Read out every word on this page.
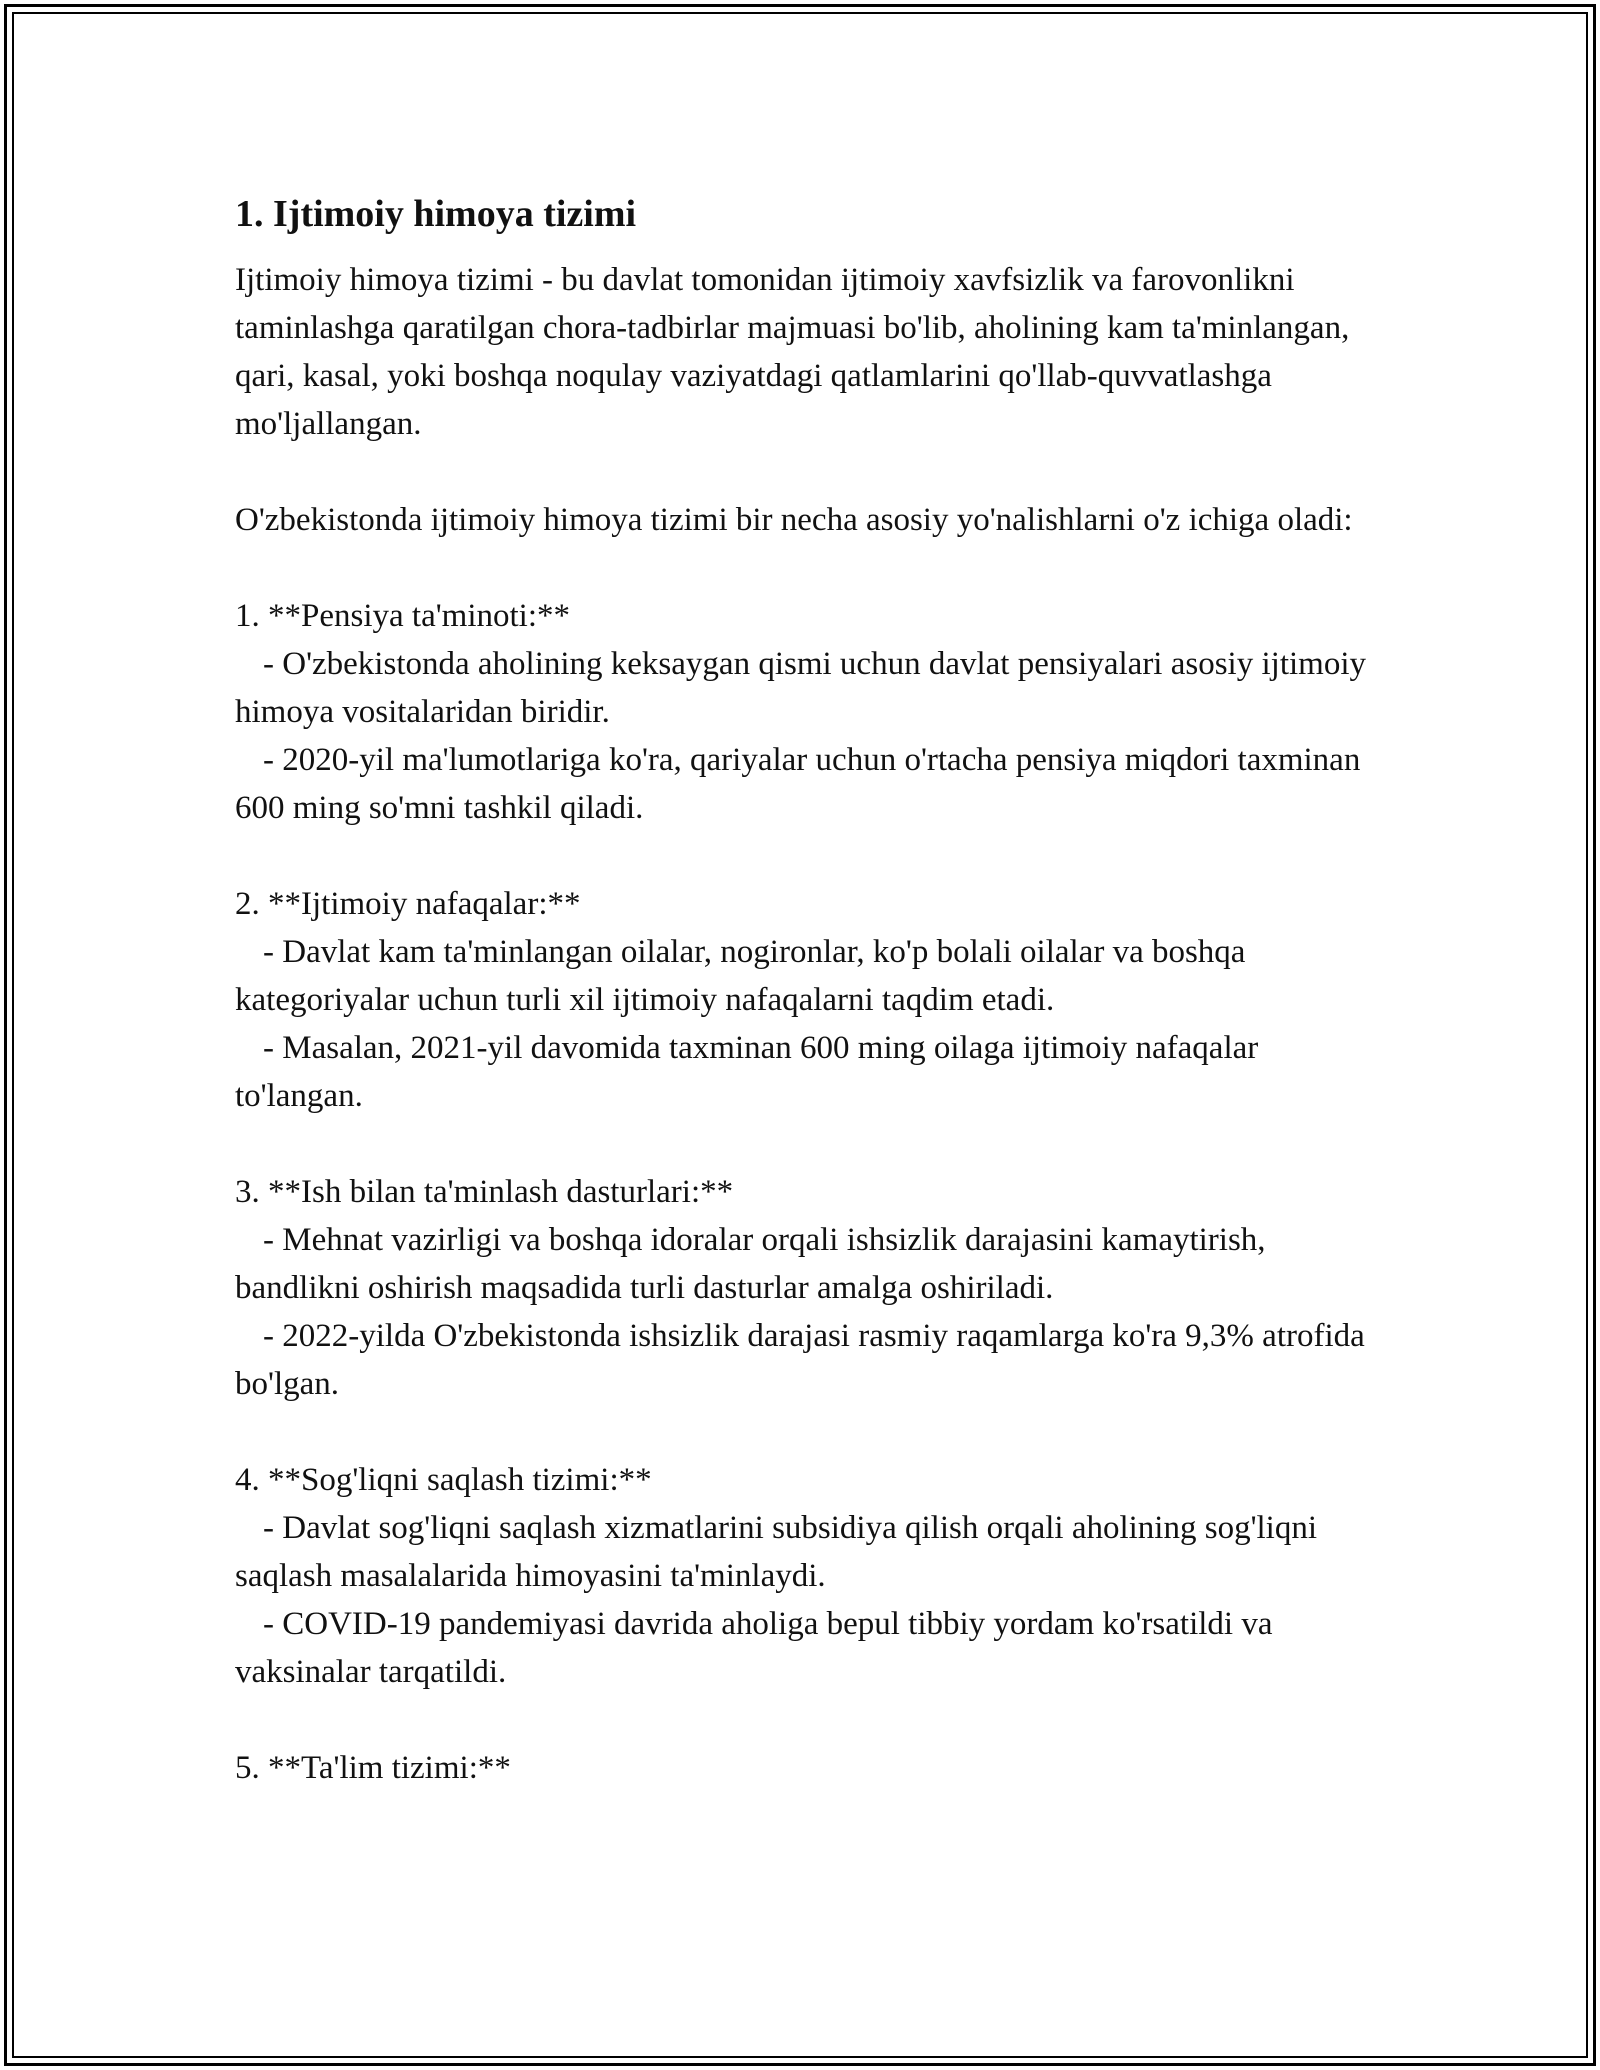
1. Ijtimoiy himoya tizimi

Ijtimoiy himoya tizimi - bu davlat tomonidan ijtimoiy xavfsizlik va farovonlikni taminlashga qaratilgan chora-tadbirlar majmuasi bo'lib, aholining kam ta'minlangan, qari, kasal, yoki boshqa noqulay vaziyatdagi qatlamlarini qo'llab-quvvatlashga mo'ljallangan.

O'zbekistonda ijtimoiy himoya tizimi bir necha asosiy yo'nalishlarni o'z ichiga oladi:

1. **Pensiya ta'minoti:**

- O'zbekistonda aholining keksaygan qismi uchun davlat pensiyalari asosiy ijtimoiy himoya vositalaridan biridir.

- 2020-yil ma'lumotlariga ko'ra, qariyalar uchun o'rtacha pensiya miqdori taxminan 600 ming so'mni tashkil qiladi.

2. **Ijtimoiy nafaqalar:**

- Davlat kam ta'minlangan oilalar, nogironlar, ko'p bolali oilalar va boshqa kategoriyalar uchun turli xil ijtimoiy nafaqalarni taqdim etadi.

- Masalan, 2021-yil davomida taxminan 600 ming oilaga ijtimoiy nafaqalar to'langan.

3. **Ish bilan ta'minlash dasturlari:**

- Mehnat vazirligi va boshqa idoralar orqali ishsizlik darajasini kamaytirish, bandlikni oshirish maqsadida turli dasturlar amalga oshiriladi.

- 2022-yilda O'zbekistonda ishsizlik darajasi rasmiy raqamlarga ko'ra 9,3% atrofida bo'lgan.

4. **Sog'liqni saqlash tizimi:**

- Davlat sog'liqni saqlash xizmatlarini subsidiya qilish orqali aholining sog'liqni saqlash masalalarida himoyasini ta'minlaydi.

- COVID-19 pandemiyasi davrida aholiga bepul tibbiy yordam ko'rsatildi va vaksinalar tarqatildi.

5. **Ta'lim tizimi:**
